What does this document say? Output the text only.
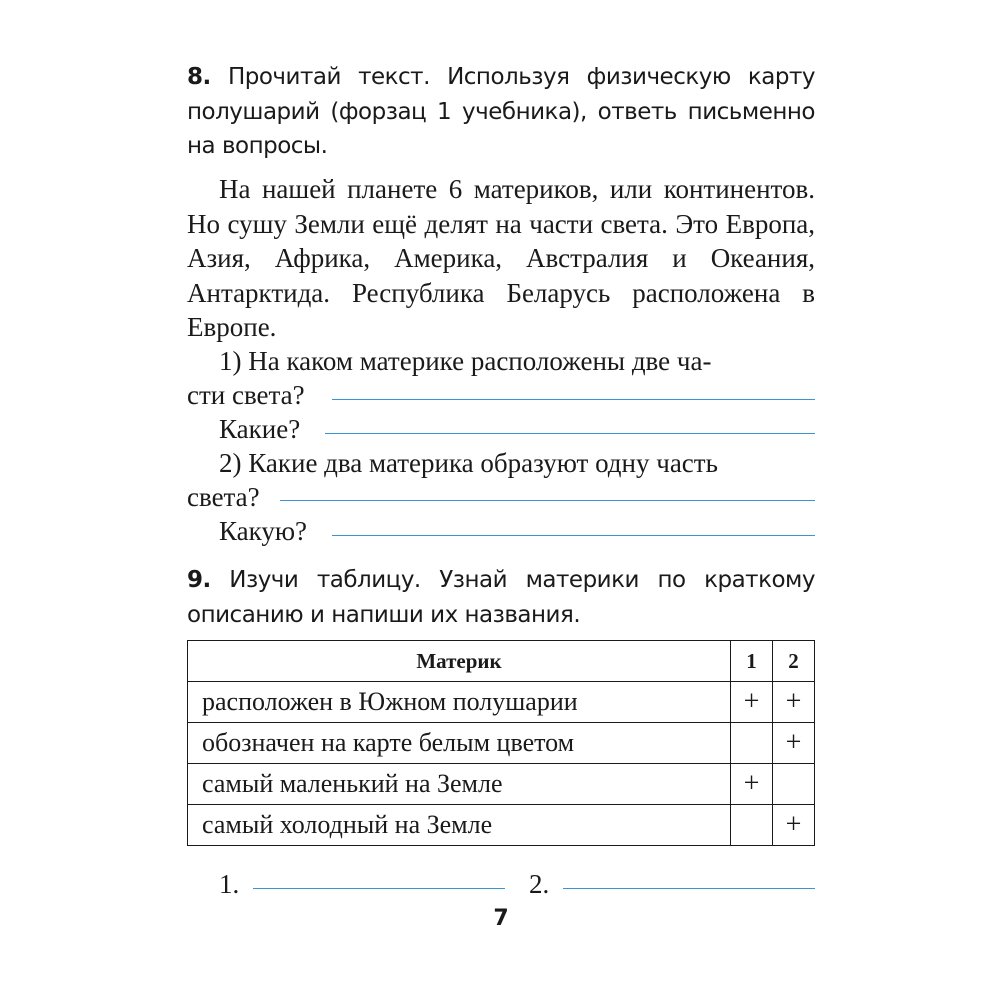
8. Прочитай текст. Используя физическую карту полушарий (форзац 1 учебника), ответь письменно на вопросы.

На нашей планете 6 материков, или континентов. Но сушу Земли ещё делят на части света. Это Европа, Азия, Африка, Америка, Австралия и Океания, Антарктида. Республика Беларусь расположена в Европе.

1) На каком материке расположены две ча-
сти света?
Какие?
2) Какие два материка образуют одну часть
света?
Какую?

9. Изучи таблицу. Узнай материки по краткому описанию и напиши их названия.

Материк	1	2
расположен в Южном полушарии	+	+
обозначен на карте белым цветом		+
самый маленький на Земле	+	
самый холодный на Земле		+
1.	2.
7
